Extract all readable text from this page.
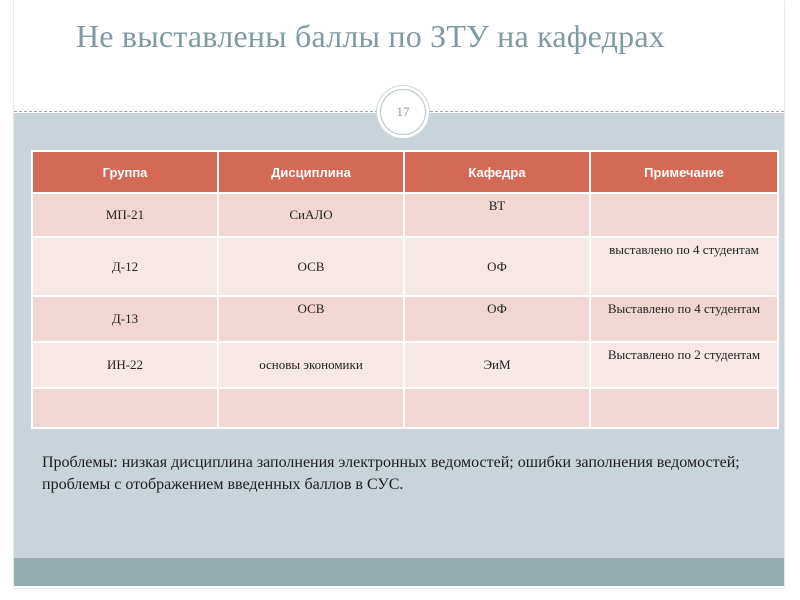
Не выставлены баллы по ЗТУ на кафедрах
17
Группа	Дисциплина	Кафедра	Примечание
МП-21	СиАЛО	ВТ	
Д-12	ОСВ	ОФ	выставлено по 4 студентам
Д-13	ОСВ	ОФ	Выставлено по 4 студентам
ИН-22	основы экономики	ЭиМ	Выставлено по 2 студентам

Проблемы: низкая дисциплина заполнения электронных ведомостей; ошибки заполнения ведомостей; проблемы с отображением введенных баллов в СУС.
